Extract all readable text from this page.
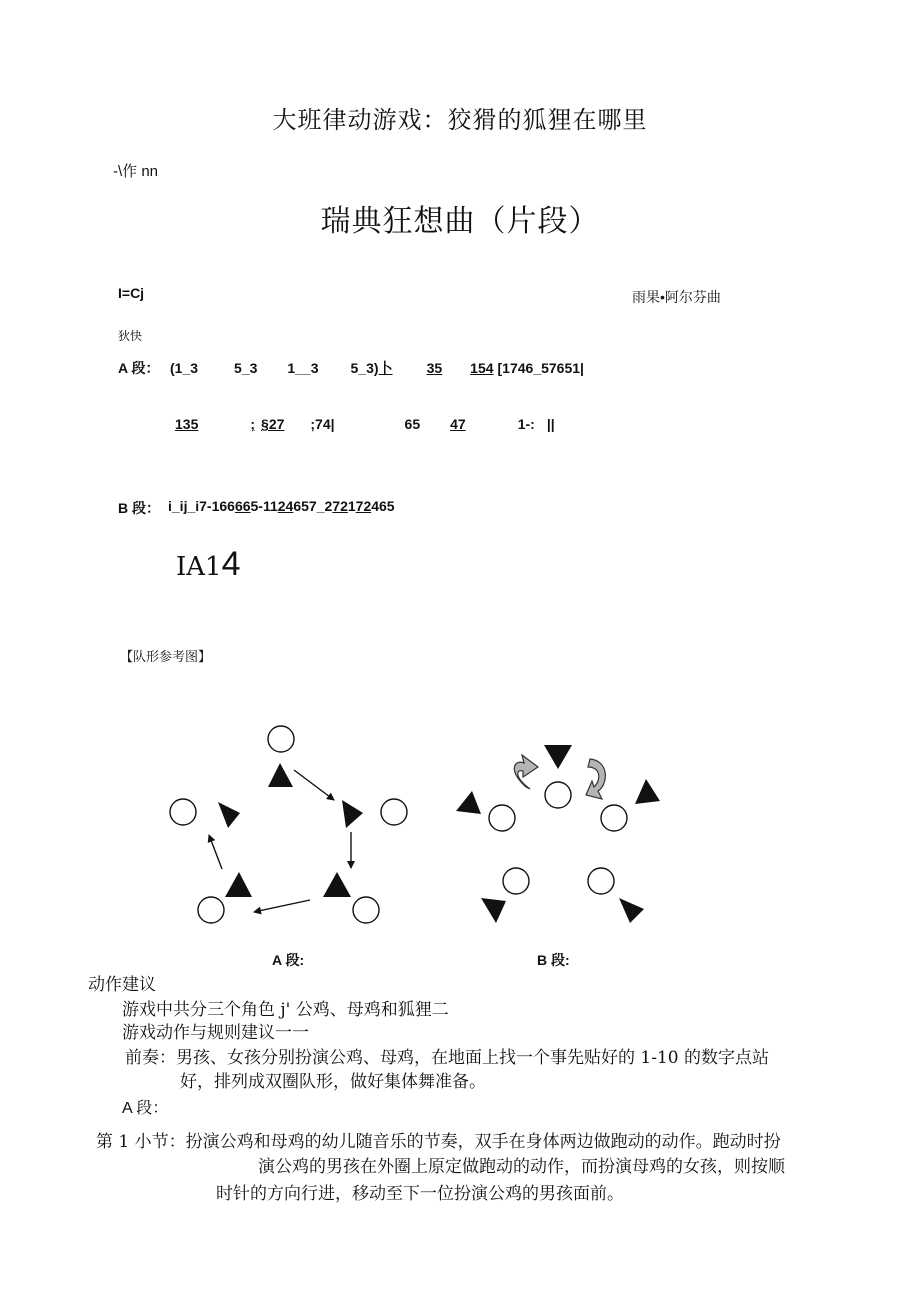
大班律动游戏：狡猾的狐狸在哪里
-\作 nn
瑞典狂想曲（片段）
I=Cj	雨果•阿尔芬曲
狄快
A 段： (1_3	5_3 1__3 5_3)卜 35 154 [1746_57651|
135	; §27 ;74|	65 47	1-: ||
B 段： i_ij_i7-166665-1124657_272172465
IA14
【队形参考图】
A 段:	B 段:
动作建议
游戏中共分三个角色 j' 公鸡、母鸡和狐狸二
游戏动作与规则建议一一
前奏：男孩、女孩分别扮演公鸡、母鸡，在地面上找一个事先贴好的 1-10 的数字点站
好，排列成双圈队形，做好集体舞准备。
A 段：
第 1 小节：扮演公鸡和母鸡的幼儿随音乐的节奏，双手在身体两边做跑动的动作。跑动时扮
演公鸡的男孩在外圈上原定做跑动的动作，而扮演母鸡的女孩，则按顺
时针的方向行进，移动至下一位扮演公鸡的男孩面前。
